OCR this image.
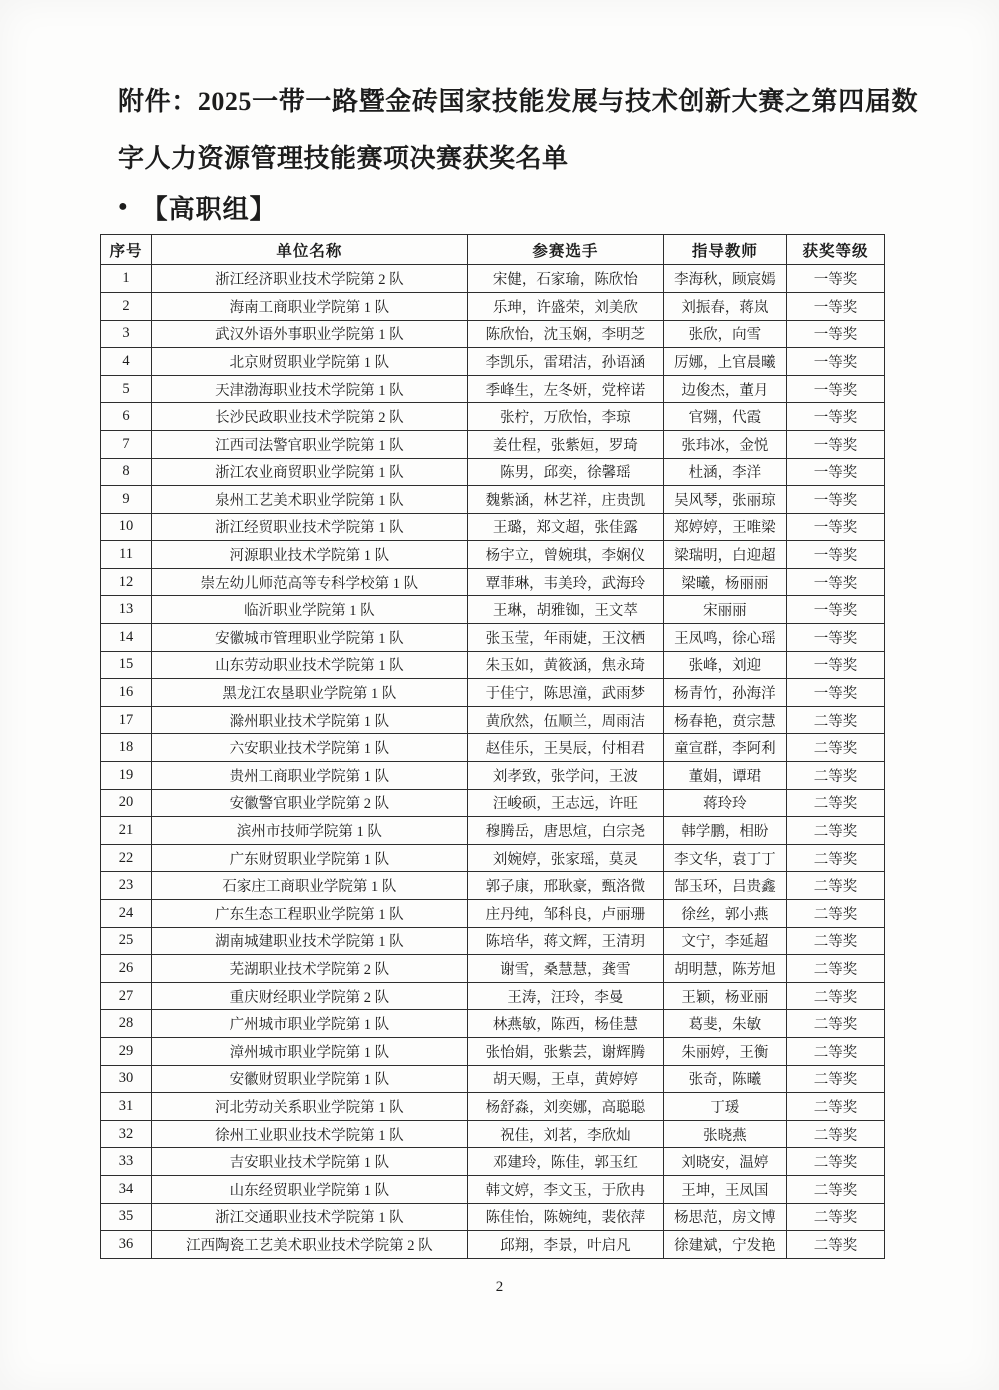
附件：2025一带一路暨金砖国家技能发展与技术创新大赛之第四届数字人力资源管理技能赛项决赛获奖名单
● 【高职组】
序号	单位名称	参赛选手	指导教师	获奖等级
1	浙江经济职业技术学院第 2 队	宋健，石家瑜，陈欣怡	李海秋，顾宸嫣	一等奖
2	海南工商职业学院第 1 队	乐珅，许盛荣，刘美欣	刘振春，蒋岚	一等奖
3	武汉外语外事职业学院第 1 队	陈欣怡，沈玉娴，李明芝	张欣，向雪	一等奖
4	北京财贸职业学院第 1 队	李凯乐，雷珺洁，孙语涵	厉娜，上官晨曦	一等奖
5	天津渤海职业技术学院第 1 队	季峰生，左冬妍，党梓诺	边俊杰，董月	一等奖
6	长沙民政职业技术学院第 2 队	张柠，万欣怡，李琼	官翙，代霞	一等奖
7	江西司法警官职业学院第 1 队	姜仕程，张紫姮，罗琦	张玮冰，金悦	一等奖
8	浙江农业商贸职业学院第 1 队	陈男，邱奕，徐馨瑶	杜涵，李洋	一等奖
9	泉州工艺美术职业学院第 1 队	魏紫涵，林艺祥，庄贵凯	吴风琴，张丽琼	一等奖
10	浙江经贸职业技术学院第 1 队	王璐，郑文超，张佳露	郑婷婷，王唯梁	一等奖
11	河源职业技术学院第 1 队	杨宇立，曾婉琪，李娴仪	梁瑞明，白迎超	一等奖
12	崇左幼儿师范高等专科学校第 1 队	覃菲琳，韦美玲，武海玲	梁曦，杨丽丽	一等奖
13	临沂职业学院第 1 队	王琳，胡雅铷，王文萃	宋丽丽	一等奖
14	安徽城市管理职业学院第 1 队	张玉莹，年雨婕，王汶栖	王凤鸣，徐心瑶	一等奖
15	山东劳动职业技术学院第 1 队	朱玉如，黄筱涵，焦永琦	张峰，刘迎	一等奖
16	黑龙江农垦职业学院第 1 队	于佳宁，陈思潼，武雨梦	杨青竹，孙海洋	一等奖
17	滁州职业技术学院第 1 队	黄欣然，伍顺兰，周雨洁	杨春艳，贲宗慧	二等奖
18	六安职业技术学院第 1 队	赵佳乐，王昊辰，付相君	童宣群，李阿利	二等奖
19	贵州工商职业学院第 1 队	刘孝致，张学问，王波	董娟，谭珺	二等奖
20	安徽警官职业学院第 2 队	汪峻硕，王志远，许旺	蒋玲玲	二等奖
21	滨州市技师学院第 1 队	穆腾岳，唐思煊，白宗尧	韩学鹏，相盼	二等奖
22	广东财贸职业学院第 1 队	刘婉婷，张家瑶，莫灵	李文华，袁丁丁	二等奖
23	石家庄工商职业学院第 1 队	郭子康，邢耿豪，甄洛微	郜玉环，吕贵鑫	二等奖
24	广东生态工程职业学院第 1 队	庄丹纯，邹科良，卢丽珊	徐丝，郭小燕	二等奖
25	湖南城建职业技术学院第 1 队	陈培华，蒋文辉，王清玥	文宁，李延超	二等奖
26	芜湖职业技术学院第 2 队	谢雪，桑慧慧，龚雪	胡明慧，陈芳旭	二等奖
27	重庆财经职业学院第 2 队	王涛，汪玲，李曼	王颖，杨亚丽	二等奖
28	广州城市职业学院第 1 队	林燕敏，陈西，杨佳慧	葛斐，朱敏	二等奖
29	漳州城市职业学院第 1 队	张怡娟，张紫芸，谢辉腾	朱丽婷，王衡	二等奖
30	安徽财贸职业学院第 1 队	胡天赐，王卓，黄婷婷	张奇，陈曦	二等奖
31	河北劳动关系职业学院第 1 队	杨舒淼，刘奕娜，高聪聪	丁瑗	二等奖
32	徐州工业职业技术学院第 1 队	祝佳，刘茗，李欣灿	张晓燕	二等奖
33	吉安职业技术学院第 1 队	邓建玲，陈佳，郭玉红	刘晓安，温婷	二等奖
34	山东经贸职业学院第 1 队	韩文婷，李文玉，于欣冉	王坤，王凤国	二等奖
35	浙江交通职业技术学院第 1 队	陈佳怡，陈婉纯，裴依萍	杨思范，房文博	二等奖
36	江西陶瓷工艺美术职业技术学院第 2 队	邱翔，李景，叶启凡	徐建斌，宁发艳	二等奖
2
